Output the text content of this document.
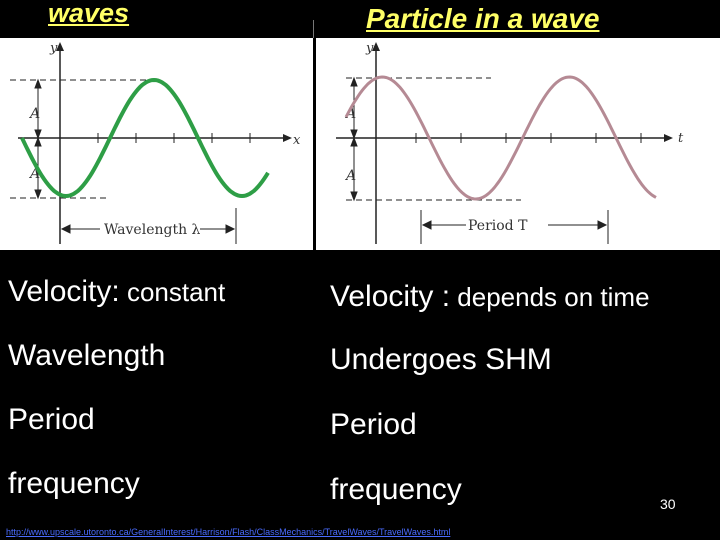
waves	Particle in a wave
y
x
A
A
Wavelength λ
y
t
A
A
Period T
Velocity: constant	Velocity : depends on time
Wavelength	Undergoes SHM
Period	Period
frequency	frequency	30
http://www.upscale.utoronto.ca/GeneralInterest/Harrison/Flash/ClassMechanics/TravelWaves/TravelWaves.html
